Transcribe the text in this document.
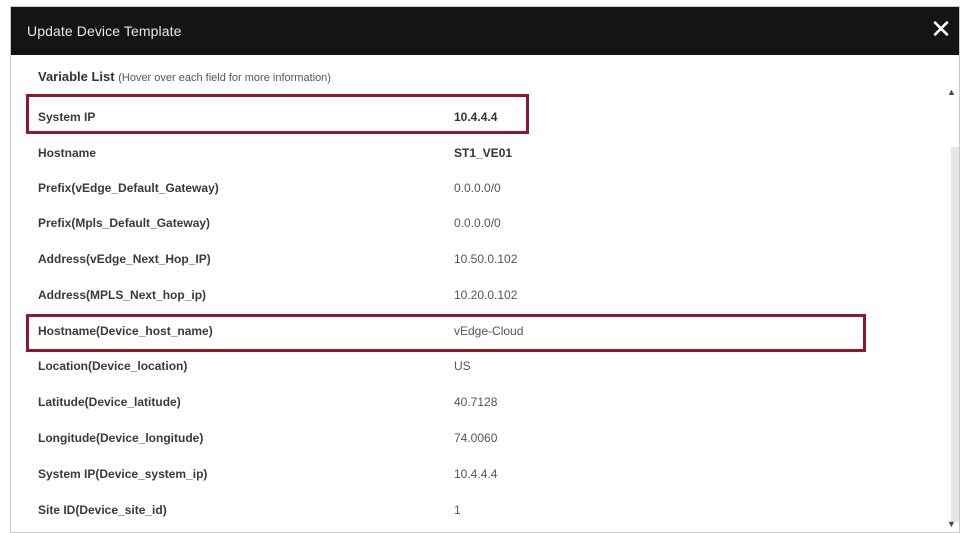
Update Device Template	✕
Variable List (Hover over each field for more information)
System IP	10.4.4.4
Hostname	ST1_VE01
Prefix(vEdge_Default_Gateway)	0.0.0.0/0
Prefix(Mpls_Default_Gateway)	0.0.0.0/0
Address(vEdge_Next_Hop_IP)	10.50.0.102
Address(MPLS_Next_hop_ip)	10.20.0.102
Hostname(Device_host_name)	vEdge-Cloud
Location(Device_location)	US
Latitude(Device_latitude)	40.7128
Longitude(Device_longitude)	74.0060
System IP(Device_system_ip)	10.4.4.4
Site ID(Device_site_id)	1
▲
▼
